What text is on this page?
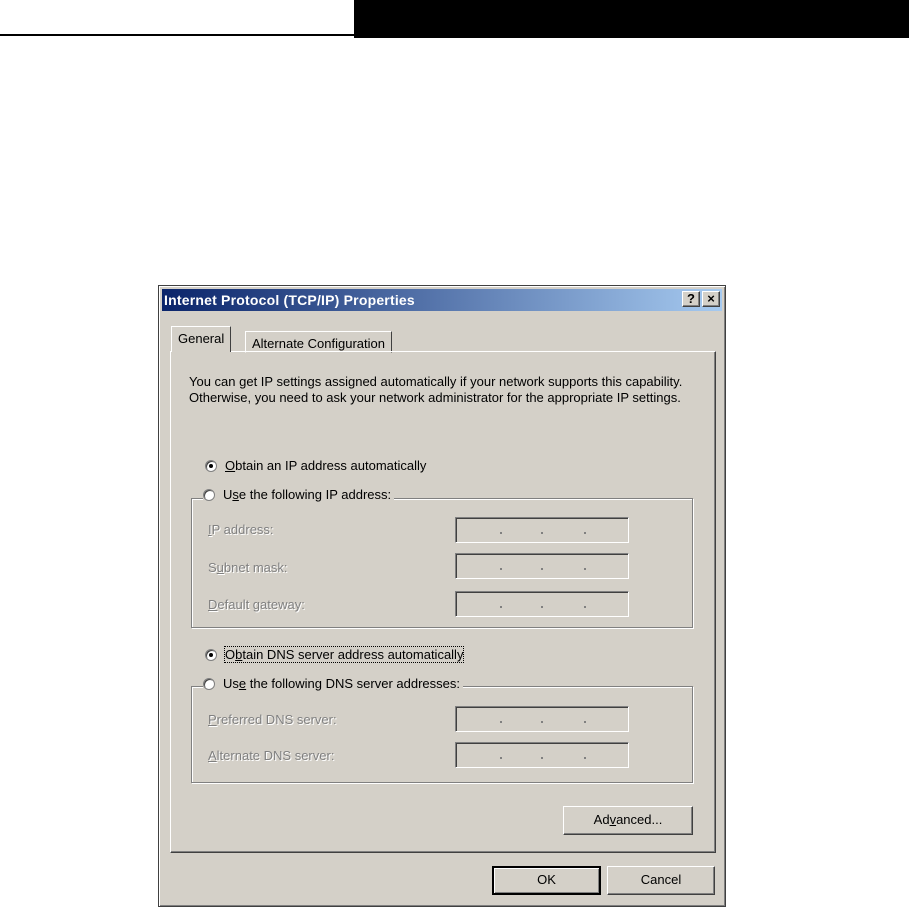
Internet Protocol (TCP/IP) Properties	? ×
General	Alternate Configuration
You can get IP settings assigned automatically if your network supports this capability. Otherwise, you need to ask your network administrator for the appropriate IP settings.
Obtain an IP address automatically
Use the following IP address:
IP address:
Subnet mask:
Default gateway:
Obtain DNS server address automatically
Use the following DNS server addresses:
Preferred DNS server:
Alternate DNS server:
Advanced...
OK	Cancel
